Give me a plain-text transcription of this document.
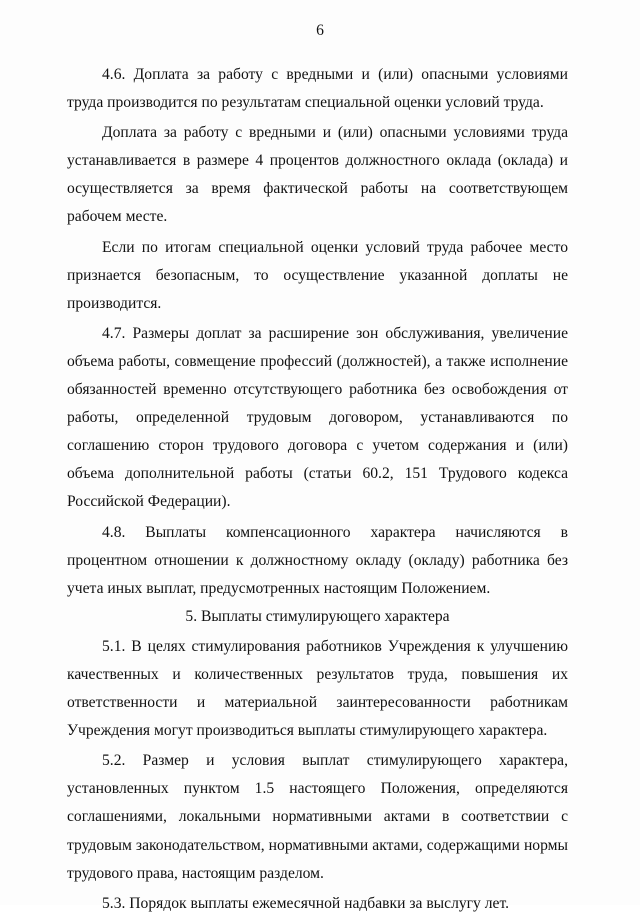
6

4.6. Доплата за работу с вредными и (или) опасными условиями труда производится по результатам специальной оценки условий труда.

Доплата за работу с вредными и (или) опасными условиями труда устанавливается в размере 4 процентов должностного оклада (оклада) и осуществляется за время фактической работы на соответствующем рабочем месте.

Если по итогам специальной оценки условий труда рабочее место признается безопасным, то осуществление указанной доплаты не производится.

4.7. Размеры доплат за расширение зон обслуживания, увеличение объема работы, совмещение профессий (должностей), а также исполнение обязанностей временно отсутствующего работника без освобождения от работы, определенной трудовым договором, устанавливаются по соглашению сторон трудового договора с учетом содержания и (или) объема дополнительной работы (статьи 60.2, 151 Трудового кодекса Российской Федерации).

4.8. Выплаты компенсационного характера начисляются в процентном отношении к должностному окладу (окладу) работника без учета иных выплат, предусмотренных настоящим Положением.

5. Выплаты стимулирующего характера

5.1. В целях стимулирования работников Учреждения к улучшению качественных и количественных результатов труда, повышения их ответственности и материальной заинтересованности работникам Учреждения могут производиться выплаты стимулирующего характера.

5.2. Размер и условия выплат стимулирующего характера, установленных пунктом 1.5 настоящего Положения, определяются соглашениями, локальными нормативными актами в соответствии с трудовым законодательством, нормативными актами, содержащими нормы трудового права, настоящим разделом.

5.3. Порядок выплаты ежемесячной надбавки за выслугу лет.
